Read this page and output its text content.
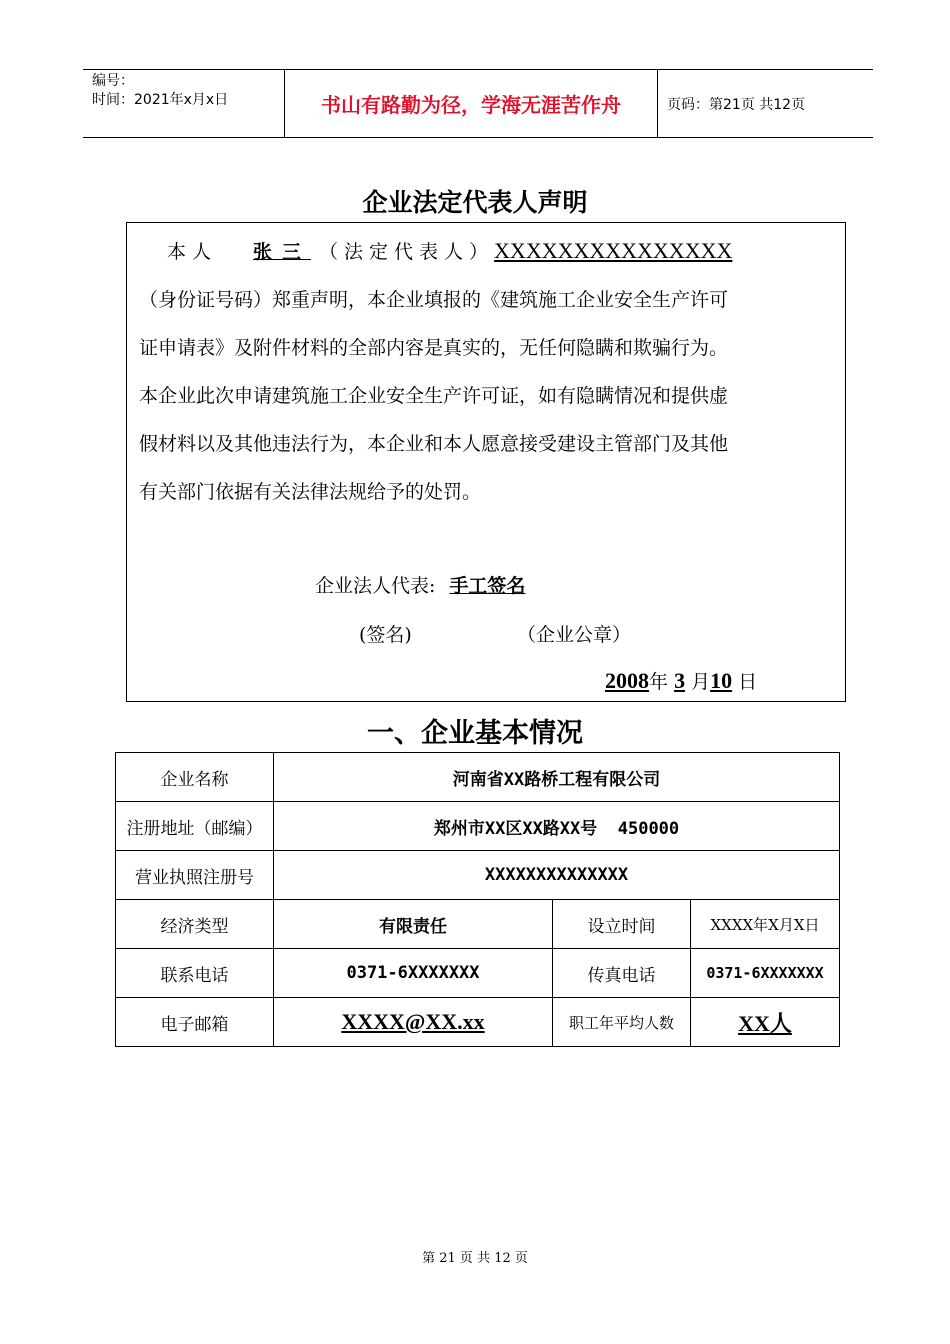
编号：
时间：2021年x月x日	书山有路勤为径，学海无涯苦作舟	页码：第21页 共12页
企业法定代表人声明
本人 张三 （法定代表人）XXXXXXXXXXXXXXX
（身份证号码）郑重声明，本企业填报的《建筑施工企业安全生产许可
证申请表》及附件材料的全部内容是真实的，无任何隐瞒和欺骗行为。
本企业此次申请建筑施工企业安全生产许可证，如有隐瞒情况和提供虚
假材料以及其他违法行为，本企业和本人愿意接受建设主管部门及其他
有关部门依据有关法律法规给予的处罚。
企业法人代表: 手工签名
(签名)	（企业公章）
2008年 3 月10 日
一、企业基本情况
企业名称	河南省XX路桥工程有限公司		
注册地址（邮编）	郑州市XX区XX路XX号  450000		
营业执照注册号	XXXXXXXXXXXXXX		
经济类型	有限责任	设立时间	XXXX年X月X日
联系电话	0371-6XXXXXXX	传真电话	0371-6XXXXXXX
电子邮箱	XXXX@XX.xx	职工年平均人数	XX人
第 21 页 共 12 页
